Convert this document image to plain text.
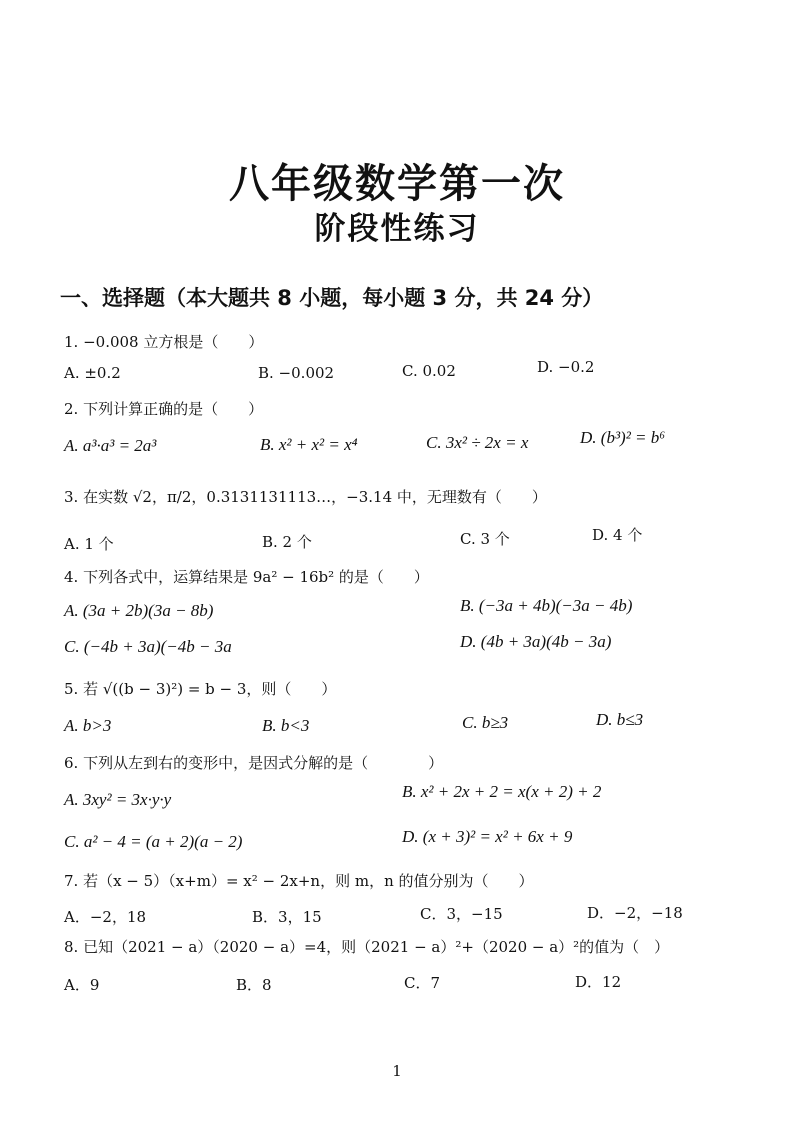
八年级数学第一次
阶段性练习
一、选择题（本大题共 8 小题，每小题 3 分，共 24 分）
1. −0.008 立方根是（　　）
A. ±0.2	B. −0.002	C. 0.02	D. −0.2
2. 下列计算正确的是（　　）
A. a³·a³ = 2a³	B. x² + x² = x⁴	C. 3x² ÷ 2x = x	D. (b³)² = b⁶
3. 在实数 √2，π/2，0.3131131113…，−3.14 中，无理数有（　　）
A. 1 个	B. 2 个	C. 3 个	D. 4 个
4. 下列各式中，运算结果是 9a² − 16b² 的是（　　）
A. (3a + 2b)(3a − 8b)	B. (−3a + 4b)(−3a − 4b)
C. (−4b + 3a)(−4b − 3a	D. (4b + 3a)(4b − 3a)
5. 若 √((b − 3)²) = b − 3，则（　　）
A. b>3	B. b<3	C. b≥3	D. b≤3
6. 下列从左到右的变形中，是因式分解的是（　　　　）
A. 3xy² = 3x·y·y	B. x² + 2x + 2 = x(x + 2) + 2
C. a² − 4 = (a + 2)(a − 2)	D. (x + 3)² = x² + 6x + 9
7. 若（x − 5）（x+m）= x² − 2x+n，则 m，n 的值分别为（　　）
A．−2，18	B．3，15	C．3，−15	D．−2，−18
8. 已知（2021 − a）（2020 − a）=4，则（2021 − a）²+（2020 − a）²的值为（　）
A．9	B．8	C．7	D．12
1
